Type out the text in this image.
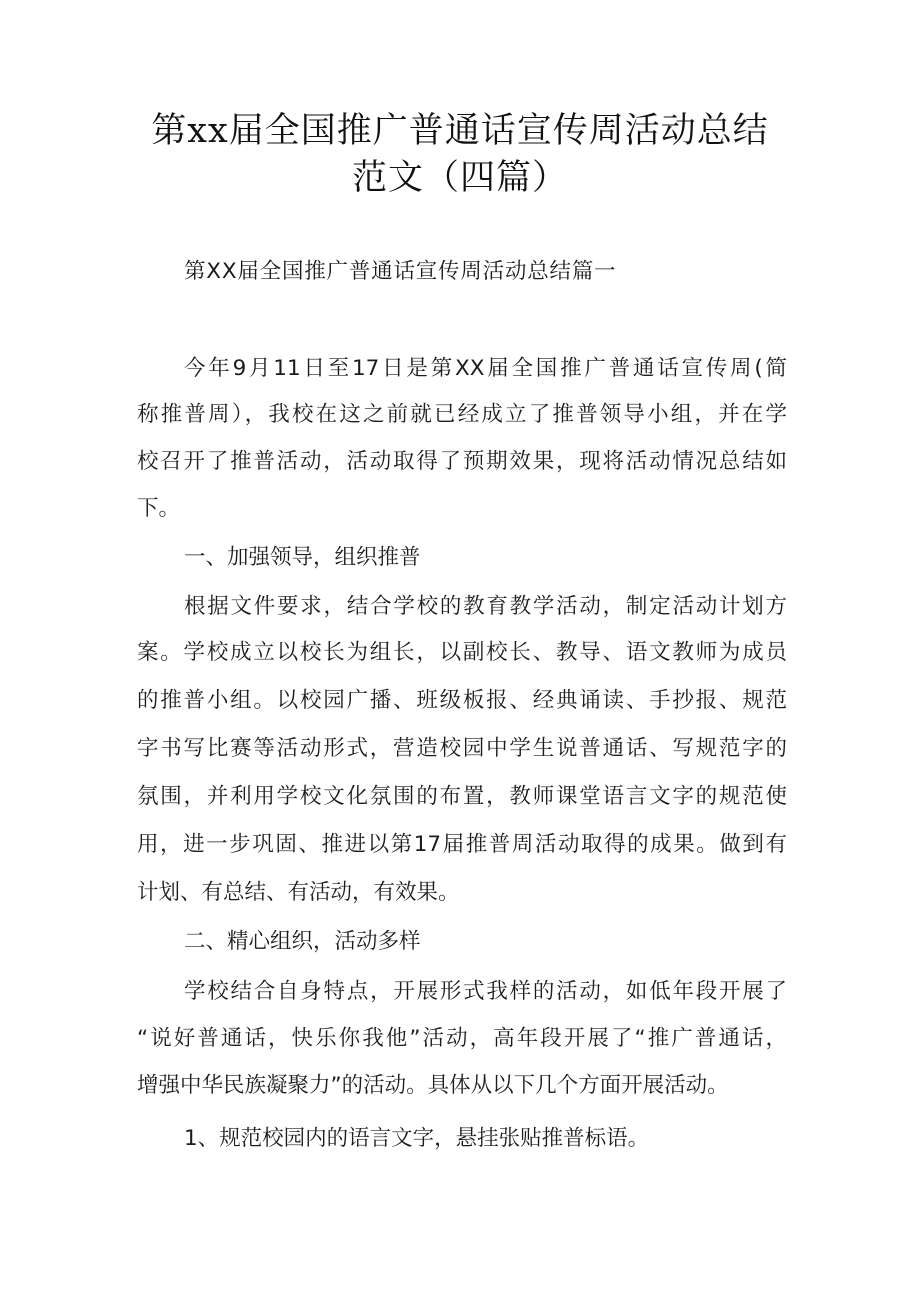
第xx届全国推广普通话宣传周活动总结
范文（四篇）
第XX届全国推广普通话宣传周活动总结篇一
今年9月11日至17日是第XX届全国推广普通话宣传周(简
称推普周），我校在这之前就已经成立了推普领导小组，并在学
校召开了推普活动，活动取得了预期效果，现将活动情况总结如
下。
一、加强领导，组织推普
根据文件要求，结合学校的教育教学活动，制定活动计划方
案。学校成立以校长为组长，以副校长、教导、语文教师为成员
的推普小组。以校园广播、班级板报、经典诵读、手抄报、规范
字书写比赛等活动形式，营造校园中学生说普通话、写规范字的
氛围，并利用学校文化氛围的布置，教师课堂语言文字的规范使
用，进一步巩固、推进以第17届推普周活动取得的成果。做到有
计划、有总结、有活动，有效果。
二、精心组织，活动多样
学校结合自身特点，开展形式我样的活动，如低年段开展了
“说好普通话，快乐你我他”活动，高年段开展了“推广普通话，
增强中华民族凝聚力”的活动。具体从以下几个方面开展活动。
1、规范校园内的语言文字，悬挂张贴推普标语。
